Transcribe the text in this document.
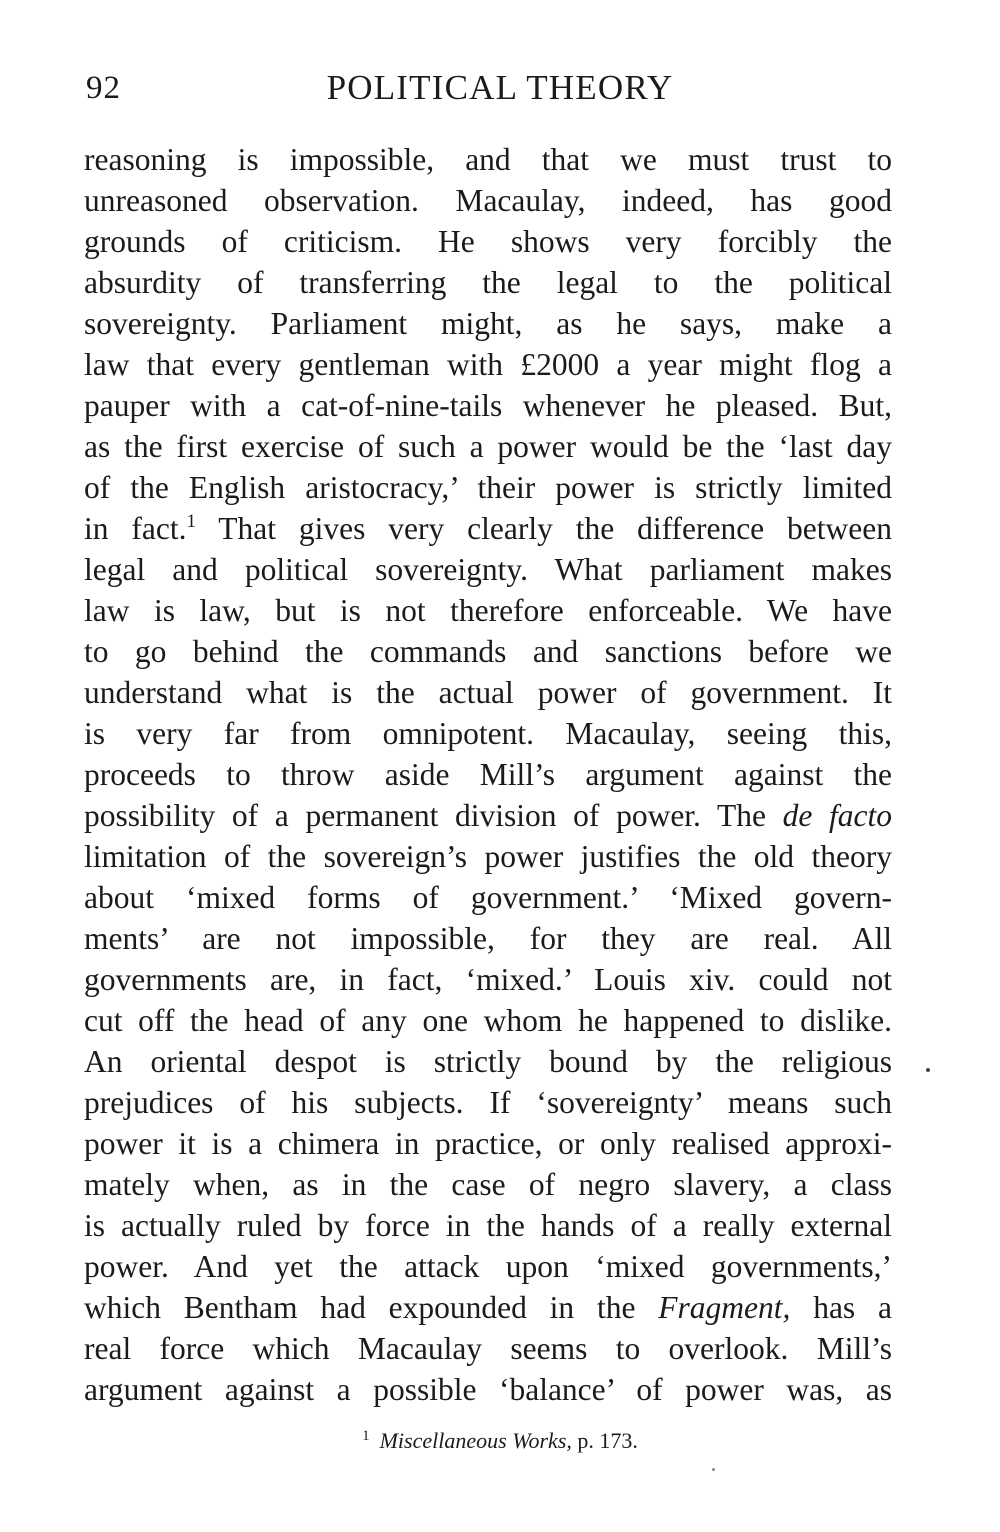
92	POLITICAL THEORY
reasoning is impossible, and that we must trust to
unreasoned observation. Macaulay, indeed, has good
grounds of criticism. He shows very forcibly the
absurdity of transferring the legal to the political
sovereignty. Parliament might, as he says, make a
law that every gentleman with £2000 a year might flog a
pauper with a cat-of-nine-tails whenever he pleased. But,
as the first exercise of such a power would be the ‘last day
of the English aristocracy,’ their power is strictly limited
in fact.$^1$ That gives very clearly the difference between
legal and political sovereignty. What parliament makes
law is law, but is not therefore enforceable. We have
to go behind the commands and sanctions before we
understand what is the actual power of government. It
is very far from omnipotent. Macaulay, seeing this,
proceeds to throw aside Mill’s argument against the
possibility of a permanent division of power. The de facto
limitation of the sovereign’s power justifies the old theory
about ‘mixed forms of government.’ ‘Mixed govern-
ments’ are not impossible, for they are real. All
governments are, in fact, ‘mixed.’ Louis xiv. could not
cut off the head of any one whom he happened to dislike.
An oriental despot is strictly bound by the religious
prejudices of his subjects. If ‘sovereignty’ means such
power it is a chimera in practice, or only realised approxi-
mately when, as in the case of negro slavery, a class
is actually ruled by force in the hands of a really external
power. And yet the attack upon ‘mixed governments,’
which Bentham had expounded in the Fragment, has a
real force which Macaulay seems to overlook. Mill’s
argument against a possible ‘balance’ of power was, as
$^1$ Miscellaneous Works, p. 173.
